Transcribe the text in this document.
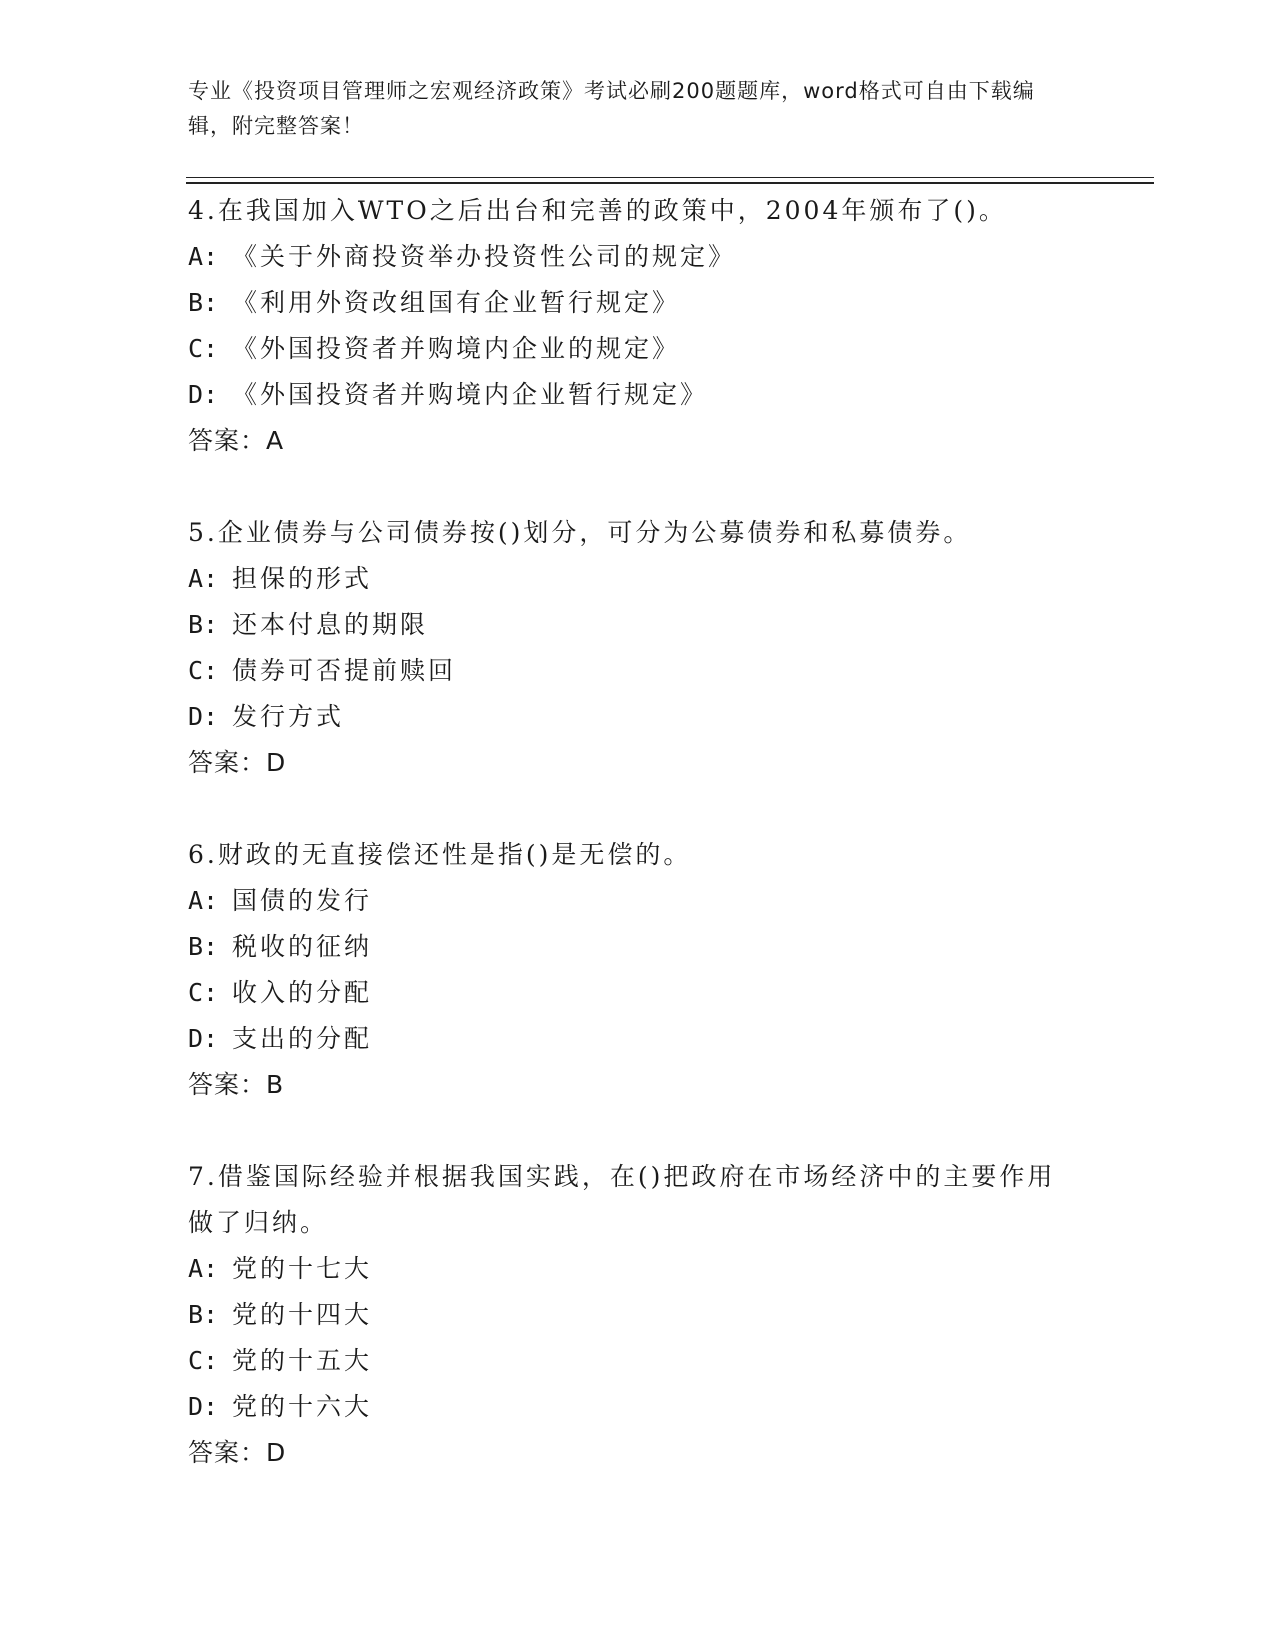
专业《投资项目管理师之宏观经济政策》考试必刷200题题库，word格式可自由下载编辑，附完整答案！
4.在我国加入WTO之后出台和完善的政策中，2004年颁布了()。
A: 《关于外商投资举办投资性公司的规定》
B: 《利用外资改组国有企业暂行规定》
C: 《外国投资者并购境内企业的规定》
D: 《外国投资者并购境内企业暂行规定》
答案：A
5.企业债券与公司债券按()划分，可分为公募债券和私募债券。
A: 担保的形式
B: 还本付息的期限
C: 债券可否提前赎回
D: 发行方式
答案：D
6.财政的无直接偿还性是指()是无偿的。
A: 国债的发行
B: 税收的征纳
C: 收入的分配
D: 支出的分配
答案：B
7.借鉴国际经验并根据我国实践，在()把政府在市场经济中的主要作用做了归纳。
A: 党的十七大
B: 党的十四大
C: 党的十五大
D: 党的十六大
答案：D
